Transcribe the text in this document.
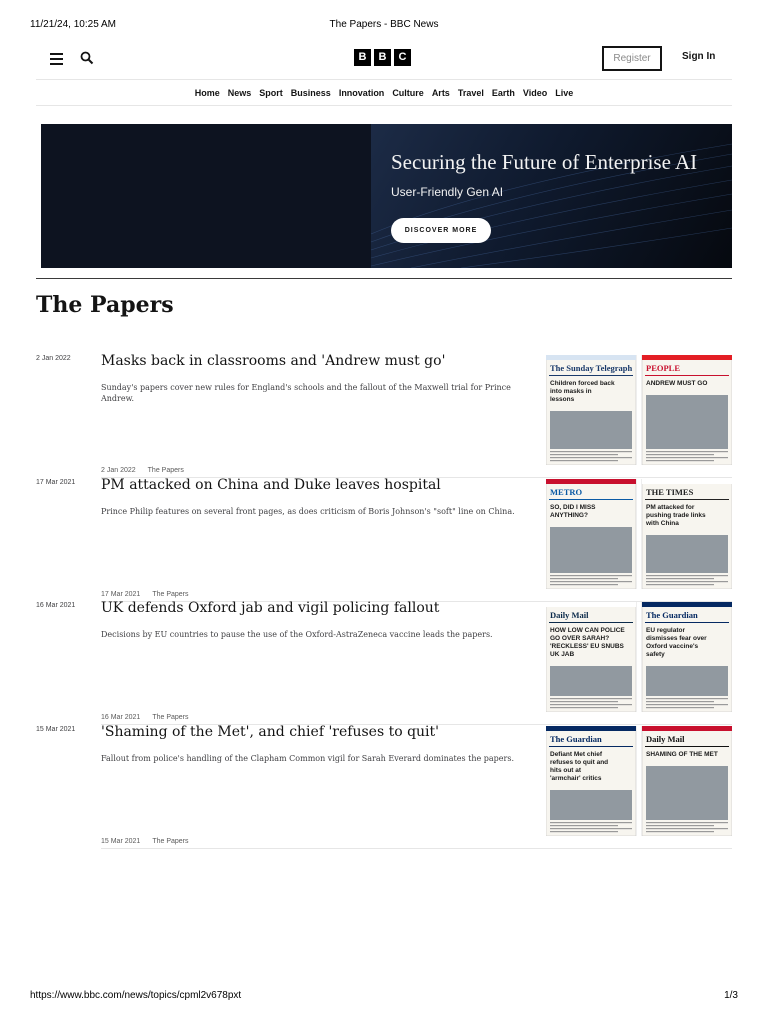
11/21/24, 10:25 AM	The Papers - BBC News
B	B	C	Register	Sign In
Home News Sport Business Innovation Culture Arts Travel Earth Video Live
Securing the Future of Enterprise AI
User-Friendly Gen AI
DISCOVER MORE
The Papers
2 Jan 2022 Masks back in classrooms and 'Andrew must go'
Sunday's papers cover new rules for England's schools and the fallout of the Maxwell trial for Prince Andrew.
2 Jan 2022 The Papers
The Sunday Telegraph
Children forced back
into masks in
lessons
PEOPLE
ANDREW MUST GO
17 Mar 2021 PM attacked on China and Duke leaves hospital
Prince Philip features on several front pages, as does criticism of Boris Johnson's "soft" line on China.
17 Mar 2021 The Papers
METRO
SO, DID I MISS
ANYTHING?
THE TIMES
PM attacked for
pushing trade links
with China
16 Mar 2021 UK defends Oxford jab and vigil policing fallout
Decisions by EU countries to pause the use of the Oxford-AstraZeneca vaccine leads the papers.
16 Mar 2021 The Papers
Daily Mail
HOW LOW CAN POLICE
GO OVER SARAH?
'RECKLESS' EU SNUBS
UK JAB
The Guardian
EU regulator
dismisses fear over
Oxford vaccine's
safety
15 Mar 2021 'Shaming of the Met', and chief 'refuses to quit'
Fallout from police's handling of the Clapham Common vigil for Sarah Everard dominates the papers.
15 Mar 2021 The Papers
The Guardian
Defiant Met chief
refuses to quit and
hits out at
'armchair' critics
Daily Mail
SHAMING OF THE MET
https://www.bbc.com/news/topics/cpml2v678pxt	1/3
